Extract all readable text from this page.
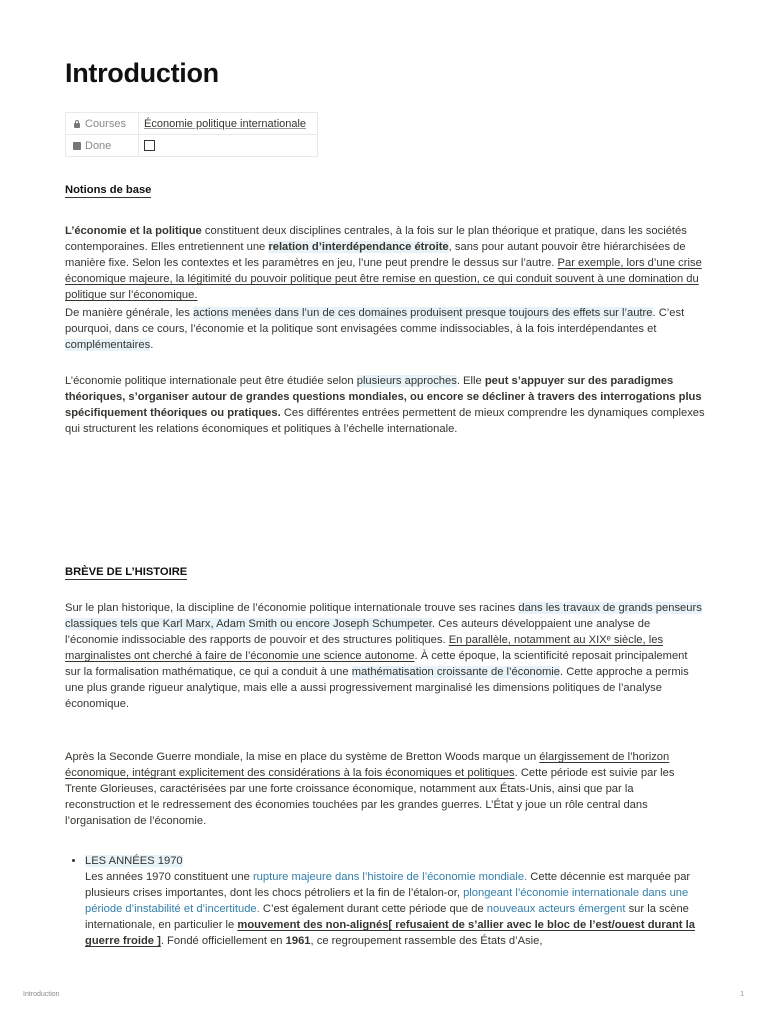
Introduction
Courses	Économie politique internationale
Done	
Notions de base
L’économie et la politique constituent deux disciplines centrales, à la fois sur le plan théorique et pratique, dans les sociétés contemporaines. Elles entretiennent une relation d’interdépendance étroite, sans pour autant pouvoir être hiérarchisées de manière fixe. Selon les contextes et les paramètres en jeu, l’une peut prendre le dessus sur l’autre. Par exemple, lors d’une crise économique majeure, la légitimité du pouvoir politique peut être remise en question, ce qui conduit souvent à une domination du politique sur l’économique.
De manière générale, les actions menées dans l’un de ces domaines produisent presque toujours des effets sur l’autre. C’est pourquoi, dans ce cours, l’économie et la politique sont envisagées comme indissociables, à la fois interdépendantes et complémentaires.
L’économie politique internationale peut être étudiée selon plusieurs approches. Elle peut s’appuyer sur des paradigmes théoriques, s’organiser autour de grandes questions mondiales, ou encore se décliner à travers des interrogations plus spécifiquement théoriques ou pratiques. Ces différentes entrées permettent de mieux comprendre les dynamiques complexes qui structurent les relations économiques et politiques à l’échelle internationale.
BRÈVE DE L’HISTOIRE
Sur le plan historique, la discipline de l’économie politique internationale trouve ses racines dans les travaux de grands penseurs classiques tels que Karl Marx, Adam Smith ou encore Joseph Schumpeter. Ces auteurs développaient une analyse de l’économie indissociable des rapports de pouvoir et des structures politiques. En parallèle, notamment au XIXᵉ siècle, les marginalistes ont cherché à faire de l’économie une science autonome. À cette époque, la scientificité reposait principalement sur la formalisation mathématique, ce qui a conduit à une mathématisation croissante de l’économie. Cette approche a permis une plus grande rigueur analytique, mais elle a aussi progressivement marginalisé les dimensions politiques de l’analyse économique.
Après la Seconde Guerre mondiale, la mise en place du système de Bretton Woods marque un élargissement de l’horizon économique, intégrant explicitement des considérations à la fois économiques et politiques. Cette période est suivie par les Trente Glorieuses, caractérisées par une forte croissance économique, notamment aux États-Unis, ainsi que par la reconstruction et le redressement des économies touchées par les grandes guerres. L’État y joue un rôle central dans l’organisation de l’économie.
• LES ANNÉES 1970
Les années 1970 constituent une rupture majeure dans l’histoire de l’économie mondiale. Cette décennie est marquée par plusieurs crises importantes, dont les chocs pétroliers et la fin de l’étalon-or, plongeant l’économie internationale dans une période d’instabilité et d’incertitude. C’est également durant cette période que de nouveaux acteurs émergent sur la scène internationale, en particulier le mouvement des non-alignés[ refusaient de s’allier avec le bloc de l’est/ouest durant la guerre froide ]. Fondé officiellement en 1961, ce regroupement rassemble des États d’Asie,
Introduction	1
